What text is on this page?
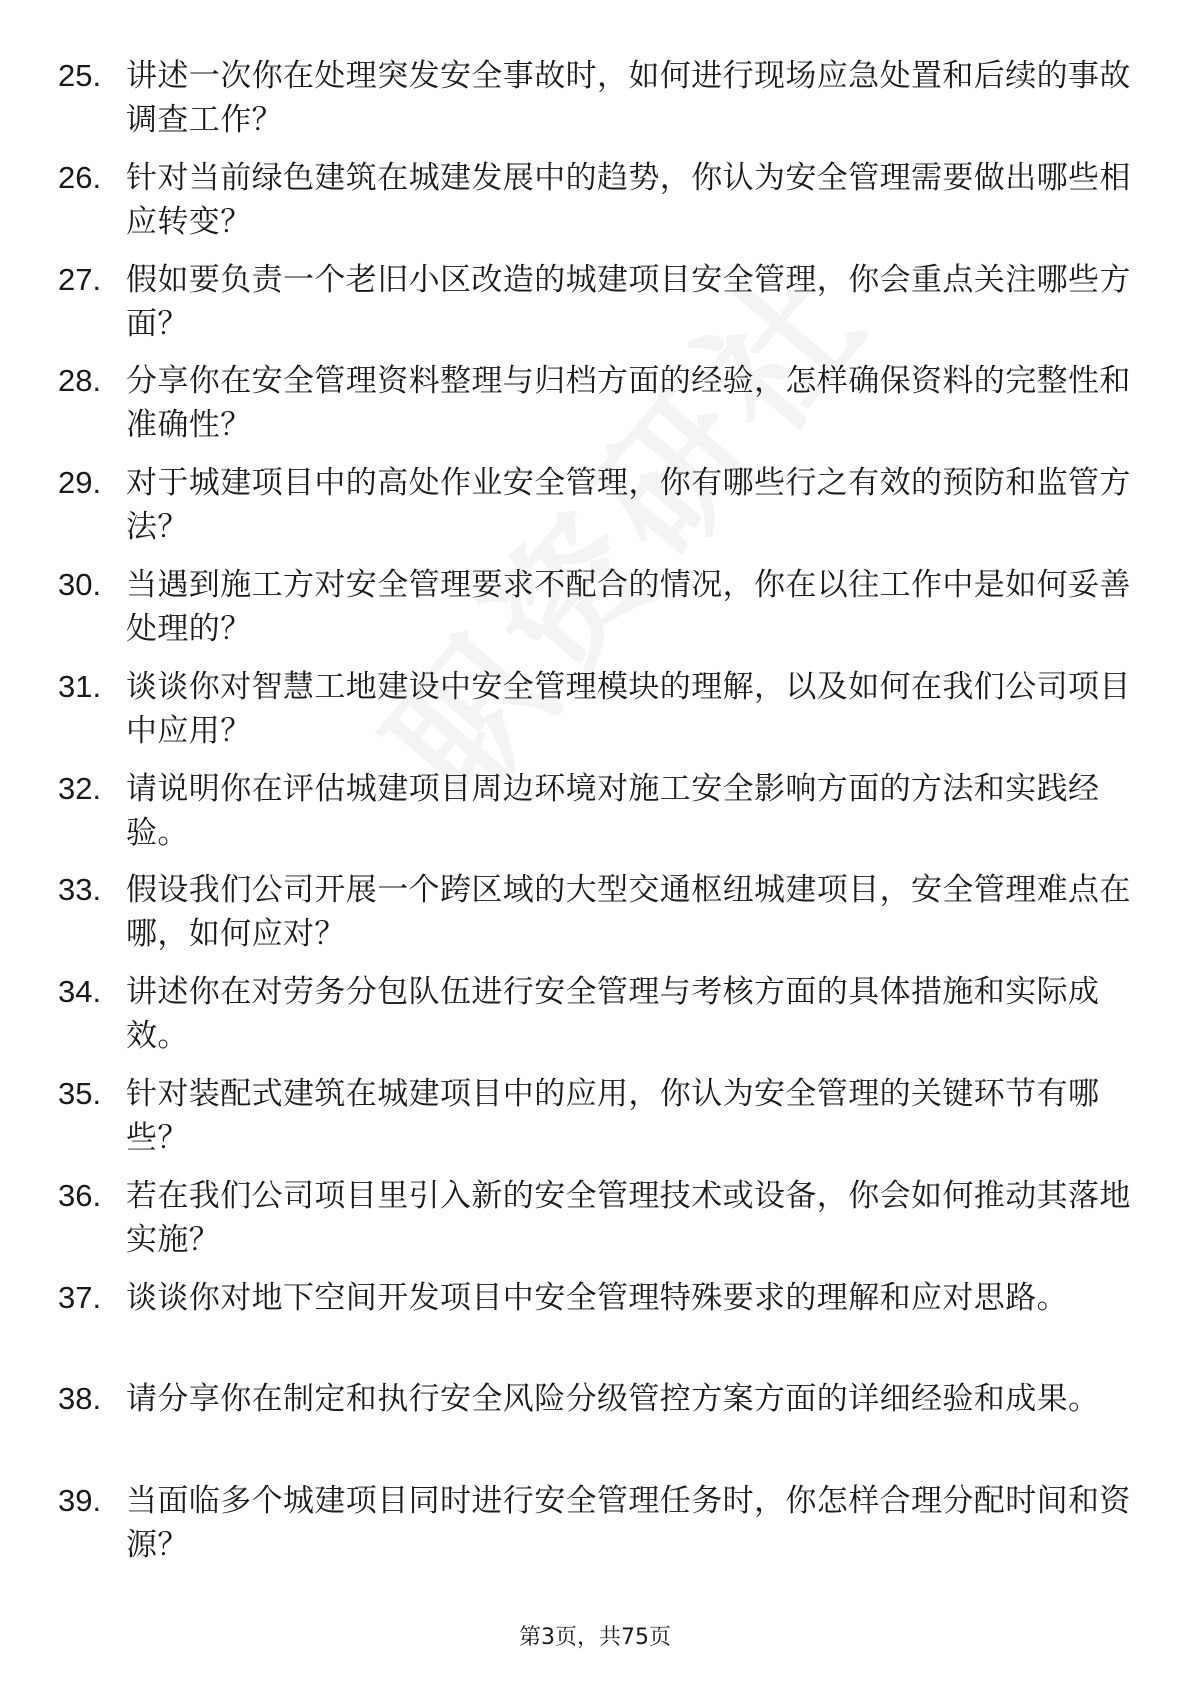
25. 讲述一次你在处理突发安全事故时，如何进行现场应急处置和后续的事故调查工作？
26. 针对当前绿色建筑在城建发展中的趋势，你认为安全管理需要做出哪些相应转变？
27. 假如要负责一个老旧小区改造的城建项目安全管理，你会重点关注哪些方面？
28. 分享你在安全管理资料整理与归档方面的经验，怎样确保资料的完整性和准确性？
29. 对于城建项目中的高处作业安全管理，你有哪些行之有效的预防和监管方法？
30. 当遇到施工方对安全管理要求不配合的情况，你在以往工作中是如何妥善处理的？
31. 谈谈你对智慧工地建设中安全管理模块的理解，以及如何在我们公司项目中应用？
32. 请说明你在评估城建项目周边环境对施工安全影响方面的方法和实践经验。
33. 假设我们公司开展一个跨区域的大型交通枢纽城建项目，安全管理难点在哪，如何应对？
34. 讲述你在对劳务分包队伍进行安全管理与考核方面的具体措施和实际成效。
35. 针对装配式建筑在城建项目中的应用，你认为安全管理的关键环节有哪些？
36. 若在我们公司项目里引入新的安全管理技术或设备，你会如何推动其落地实施？
37. 谈谈你对地下空间开发项目中安全管理特殊要求的理解和应对思路。
38. 请分享你在制定和执行安全风险分级管控方案方面的详细经验和成果。
39. 当面临多个城建项目同时进行安全管理任务时，你怎样合理分配时间和资源？
第3页，共75页
